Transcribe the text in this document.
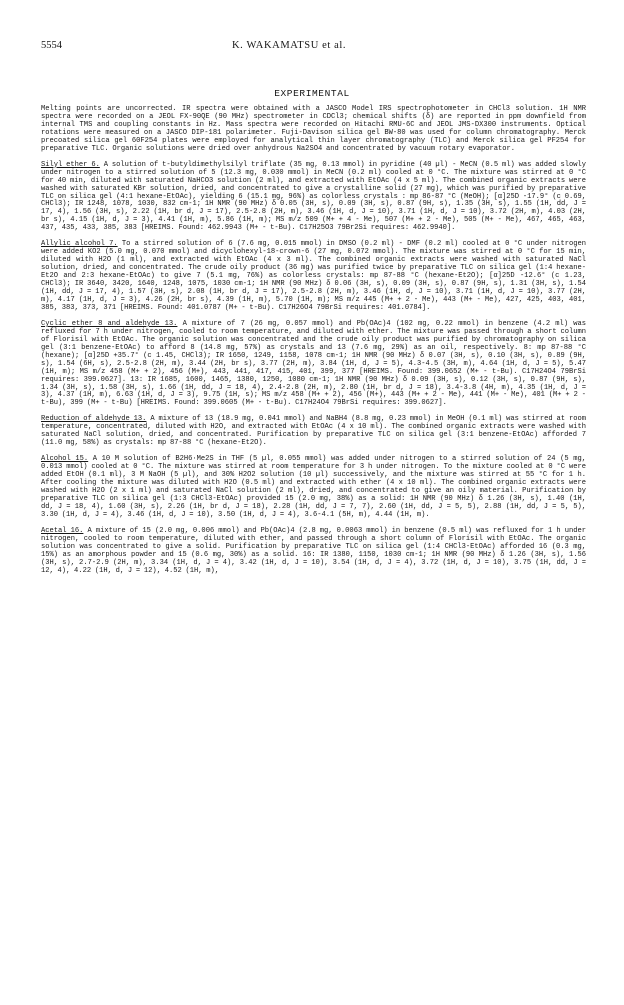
5554	K. WAKAMATSU et al.
EXPERIMENTAL

Melting points are uncorrected. IR spectra were obtained with a JASCO Model IRS spectrophotometer in CHCl3 solution. 1H NMR spectra were recorded on a JEOL FX-90QE (90 MHz) spectrometer in CDCl3; chemical shifts (δ) are reported in ppm downfield from internal TMS and coupling constants in Hz. Mass spectra were recorded on Hitachi RMU-6C and JEOL JMS-DX300 instruments. Optical rotations were measured on a JASCO DIP-181 polarimeter. Fuji-Davison silica gel BW-80 was used for column chromatography. Merck precoated silica gel 60F254 plates were employed for analytical thin layer chromatography (TLC) and Merck silica gel PF254 for preparative TLC. Organic solutions were dried over anhydrous Na2SO4 and concentrated by vacuum rotary evaporator.

Silyl ether 6. A solution of t-butyldimethylsilyl triflate (35 mg, 0.13 mmol) in pyridine (40 µl) - MeCN (0.5 ml) was added slowly under nitrogen to a stirred solution of 5 (12.3 mg, 0.030 mmol) in MeCN (0.2 ml) cooled at 0 °C. The mixture was stirred at 0 °C for 40 min, diluted with saturated NaHCO3 solution (2 ml), and extracted with EtOAc (4 x 5 ml). The combined organic extracts were washed with saturated KBr solution, dried, and concentrated to give a crystalline solid (27 mg), which was purified by preparative TLC on silica gel (4:1 hexane-EtOAc), yielding 6 (15.1 mg, 96%) as colorless crystals : mp 86-87 °C (MeOH); [α]25D -17.9° (c 0.69, CHCl3); IR 1248, 1078, 1030, 832 cm-1; 1H NMR (90 MHz) δ 0.05 (3H, s), 0.09 (3H, s), 0.87 (9H, s), 1.35 (3H, s), 1.55 (1H, dd, J = 17, 4), 1.56 (3H, s), 2.22 (1H, br d, J = 17), 2.5-2.8 (2H, m), 3.46 (1H, d, J = 10), 3.71 (1H, d, J = 10), 3.72 (2H, m), 4.03 (2H, br s), 4.15 (1H, d, J = 3), 4.41 (1H, m), 5.86 (1H, m); MS m/z 509 (M+ + 4 - Me), 507 (M+ + 2 - Me), 505 (M+ - Me), 467, 465, 463, 437, 435, 433, 385, 383 [HREIMS. Found: 462.9943 (M+ - t-Bu). C17H25O3 79Br2Si requires: 462.9940].

Allylic alcohol 7. To a stirred solution of 6 (7.6 mg, 0.015 mmol) in DMSO (0.2 ml) - DMF (0.2 ml) cooled at 0 °C under nitrogen were added KO2 (5.0 mg, 0.070 mmol) and dicyclohexyl-18-crown-6 (27 mg, 0.072 mmol). The mixture was stirred at 0 °C for 15 min, diluted with H2O (1 ml), and extracted with EtOAc (4 x 3 ml). The combined organic extracts were washed with saturated NaCl solution, dried, and concentrated. The crude oily product (36 mg) was purified twice by preparative TLC on silica gel (1:4 hexane-Et2O and 2:3 hexane-EtOAc) to give 7 (5.1 mg, 76%) as colorless crystals: mp 87-88 °C (hexane-Et2O); [α]25D -12.6° (c 1.23, CHCl3); IR 3640, 3420, 1640, 1248, 1075, 1030 cm-1; 1H NMR (90 MHz) δ 0.06 (3H, s), 0.09 (3H, s), 0.87 (9H, s), 1.31 (3H, s), 1.54 (1H, dd, J = 17, 4), 1.57 (3H, s), 2.08 (1H, br d, J = 17), 2.5-2.8 (2H, m), 3.46 (1H, d, J = 10), 3.71 (1H, d, J = 10), 3.77 (2H, m), 4.17 (1H, d, J = 3), 4.26 (2H, br s), 4.39 (1H, m), 5.70 (1H, m); MS m/z 445 (M+ + 2 - Me), 443 (M+ - Me), 427, 425, 403, 401, 385, 383, 373, 371 [HREIMS. Found: 401.0787 (M+ - t-Bu). C17H26O4 79BrSi requires: 401.0784].

Cyclic ether 8 and aldehyde 13. A mixture of 7 (26 mg, 0.057 mmol) and Pb(OAc)4 (102 mg, 0.22 mmol) in benzene (4.2 ml) was refluxed for 7 h under nitrogen, cooled to room temperature, and diluted with ether. The mixture was passed through a short column of Florisil with EtOAc. The organic solution was concentrated and the crude oily product was purified by chromatography on silica gel (3:1 benzene-EtOAc) to afford 8 (14.8 mg, 57%) as crystals and 13 (7.6 mg, 29%) as an oil, respectively. 8: mp 87-88 °C (hexane); [α]25D +35.7° (c 1.45, CHCl3); IR 1650, 1249, 1158, 1078 cm-1; 1H NMR (90 MHz) δ 0.07 (3H, s), 0.10 (3H, s), 0.89 (9H, s), 1.54 (6H, s), 2.5-2.8 (2H, m), 3.44 (2H, br s), 3.77 (2H, m), 3.84 (1H, d, J = 5), 4.3-4.5 (3H, m), 4.64 (1H, d, J = 5), 5.47 (1H, m); MS m/z 458 (M+ + 2), 456 (M+), 443, 441, 417, 415, 401, 399, 377 [HREIMS. Found: 399.0652 (M+ - t-Bu). C17H24O4 79BrSi requires: 399.0627]. 13: IR 1685, 1600, 1465, 1380, 1250, 1080 cm-1; 1H NMR (90 MHz) δ 0.09 (3H, s), 0.12 (3H, s), 0.87 (9H, s), 1.34 (3H, s), 1.58 (3H, s), 1.66 (1H, dd, J = 18, 4), 2.4-2.8 (2H, m), 2.80 (1H, br d, J = 18), 3.4-3.8 (4H, m), 4.35 (1H, d, J = 3), 4.37 (1H, m), 6.63 (1H, d, J = 3), 9.75 (1H, s); MS m/z 458 (M+ + 2), 456 (M+), 443 (M+ + 2 - Me), 441 (M+ - Me), 401 (M+ + 2 - t-Bu), 399 (M+ - t-Bu) [HREIMS. Found: 399.0605 (M+ - t-Bu). C17H24O4 79BrSi requires: 399.0627].

Reduction of aldehyde 13. A mixture of 13 (18.9 mg, 0.041 mmol) and NaBH4 (8.8 mg, 0.23 mmol) in MeOH (0.1 ml) was stirred at room temperature, concentrated, diluted with H2O, and extracted with EtOAc (4 x 10 ml). The combined organic extracts were washed with saturated NaCl solution, dried, and concentrated. Purification by preparative TLC on silica gel (3:1 benzene-EtOAc) afforded 7 (11.0 mg, 58%) as crystals: mp 87-88 °C (hexane-Et2O).

Alcohol 15. A 10 M solution of B2H6·Me2S in THF (5 µl, 0.055 mmol) was added under nitrogen to a stirred solution of 24 (5 mg, 0.013 mmol) cooled at 0 °C. The mixture was stirred at room temperature for 3 h under nitrogen. To the mixture cooled at 0 °C were added EtOH (0.1 ml), 3 M NaOH (5 µl), and 30% H2O2 solution (10 µl) successively, and the mixture was stirred at 55 °C for 1 h. After cooling the mixture was diluted with H2O (0.5 ml) and extracted with ether (4 x 10 ml). The combined organic extracts were washed with H2O (2 x 1 ml) and saturated NaCl solution (2 ml), dried, and concentrated to give an oily material. Purification by preparative TLC on silica gel (1:3 CHCl3-EtOAc) provided 15 (2.0 mg, 38%) as a solid: 1H NMR (90 MHz) δ 1.26 (3H, s), 1.40 (1H, dd, J = 18, 4), 1.60 (3H, s), 2.26 (1H, br d, J = 18), 2.28 (1H, dd, J = 7, 7), 2.60 (1H, dd, J = 5, 5), 2.88 (1H, dd, J = 5, 5), 3.30 (1H, d, J = 4), 3.46 (1H, d, J = 10), 3.50 (1H, d, J = 4), 3.6-4.1 (5H, m), 4.44 (1H, m).

Acetal 16. A mixture of 15 (2.0 mg, 0.006 mmol) and Pb(OAc)4 (2.8 mg, 0.0063 mmol) in benzene (0.5 ml) was refluxed for 1 h under nitrogen, cooled to room temperature, diluted with ether, and passed through a short column of Florisil with EtOAc. The organic solution was concentrated to give a solid. Purification by preparative TLC on silica gel (1:4 CHCl3-EtOAc) afforded 16 (0.3 mg, 15%) as an amorphous powder and 15 (0.6 mg, 30%) as a solid. 16: IR 1380, 1150, 1030 cm-1; 1H NMR (90 MHz) δ 1.26 (3H, s), 1.56 (3H, s), 2.7-2.9 (2H, m), 3.34 (1H, d, J = 4), 3.42 (1H, d, J = 10), 3.54 (1H, d, J = 4), 3.72 (1H, d, J = 10), 3.75 (1H, dd, J = 12, 4), 4.22 (1H, d, J = 12), 4.52 (1H, m),
